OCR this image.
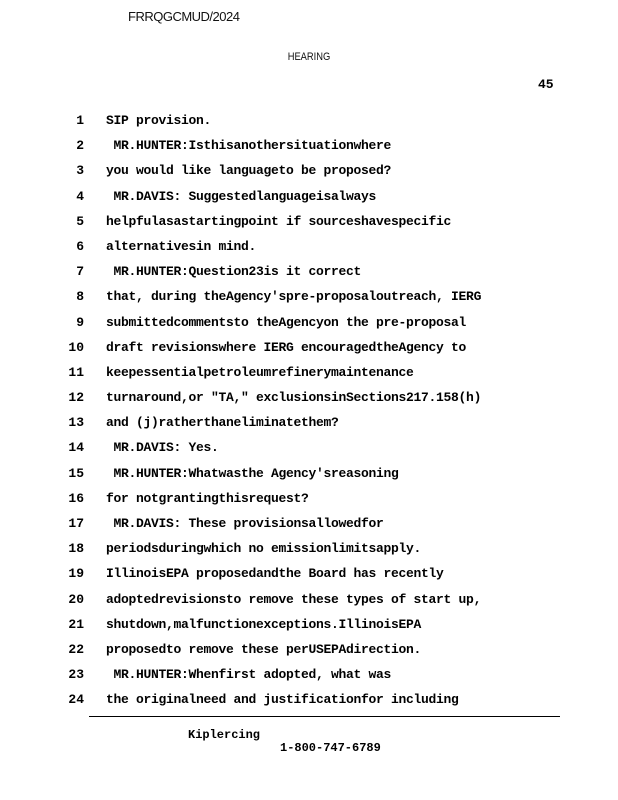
FRRQGCMUD/2024
HEARING
45
1 SIP provision.
2 MR.HUNTER:Isthisanothersituationwhere
3 you would like languageto be proposed?
4 MR.DAVIS: Suggestedlanguageisalways
5 helpfulasastartingpoint if sourceshavespecific
6 alternativesin mind.
7 MR.HUNTER:Question23is it correct
8 that, during theAgency'spre-proposaloutreach, IERG
9 submittedcommentsto theAgencyon the pre-proposal
10 draft revisionswhere IERG encouragedtheAgency to
11 keepessentialpetroleumrefinerymaintenance
12 turnaround,or "TA," exclusionsinSections217.158(h)
13 and (j)ratherthaneliminatethem?
14 MR.DAVIS: Yes.
15 MR.HUNTER:Whatwasthe Agency'sreasoning
16 for notgrantingthisrequest?
17 MR.DAVIS: These provisionsallowedfor
18 periodsduringwhich no emissionlimitsapply.
19 IllinoisEPA proposedandthe Board has recently
20 adoptedrevisionsto remove these types of start up,
21 shutdown,malfunctionexceptions.IllinoisEPA
22 proposedto remove these perUSEPAdirection.
23 MR.HUNTER:Whenfirst adopted, what was
24 the originalneed and justificationfor including
Kiplercing
1-800-747-6789
